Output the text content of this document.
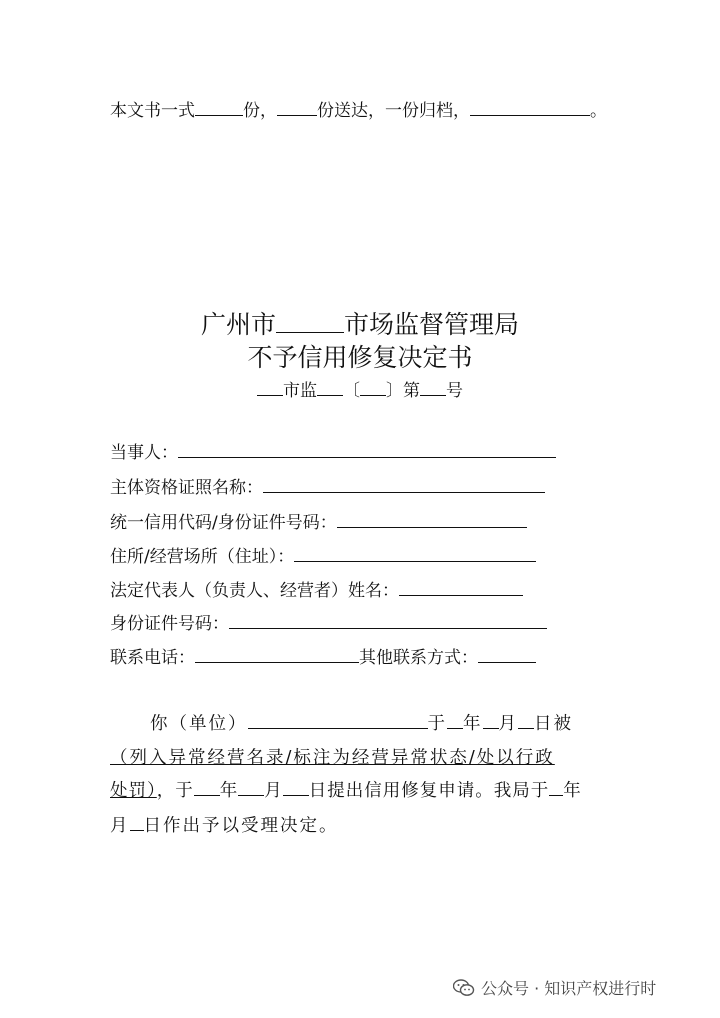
本文书一式	份， 份送达，一份归档，	。
广州市	市场监督管理局
不予信用修复决定书
市监 〔 〕第 号
当事人：
主体资格证照名称：
统一信用代码/身份证件号码：
住所/经营场所（住址）：
法定代表人（负责人、经营者）姓名：
身份证件号码：
联系电话：	其他联系方式：
你（单位）	于 年 月 日被
（列入异常经营名录/标注为经营异常状态/处以行政
处罚），于 年 月 日提出信用修复申请。我局于 年
月 日作出予以受理决定。
公众号 · 知识产权进行时
